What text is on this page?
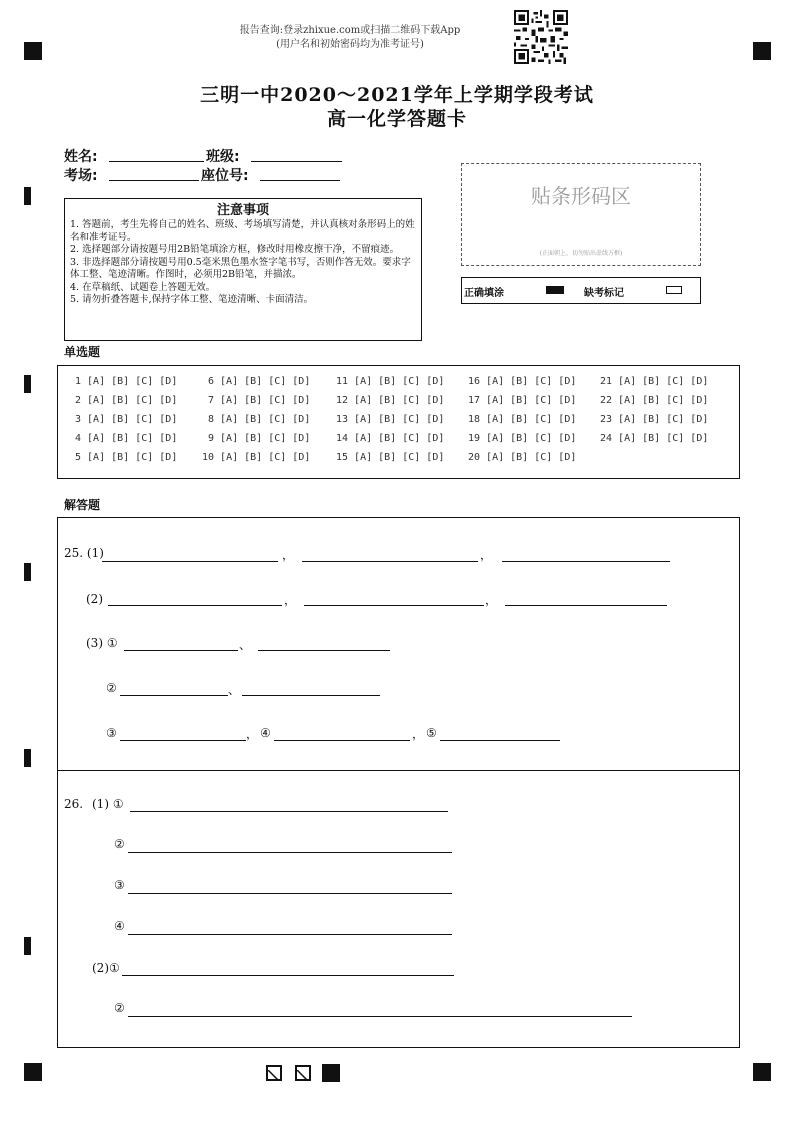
报告查询:登录zhixue.com或扫描二维码下载App
(用户名和初始密码均为准考证号)
三明一中2020～2021学年上学期学段考试
高一化学答题卡
姓名:	班级:
考场:	座位号:
贴条形码区
(正面朝上，切勿贴出虚线方框)
正确填涂	缺考标记
注意事项
1. 答题前，考生先将自己的姓名、班级、考场填写清楚，并认真核对条形码上的姓名和准考证号。
2. 选择题部分请按题号用2B铅笔填涂方框，修改时用橡皮擦干净，不留痕迹。
3. 非选择题部分请按题号用0.5毫米黑色墨水签字笔书写，否则作答无效。要求字体工整、笔迹清晰。作图时，必须用2B铅笔，并描浓。
4. 在草稿纸、试题卷上答题无效。
5. 请勿折叠答题卡,保持字体工整、笔迹清晰、卡面清洁。
单选题
1 [A] [B] [C] [D]
2 [A] [B] [C] [D]
3 [A] [B] [C] [D]
4 [A] [B] [C] [D]
5 [A] [B] [C] [D]
6 [A] [B] [C] [D]
7 [A] [B] [C] [D]
8 [A] [B] [C] [D]
9 [A] [B] [C] [D]
10 [A] [B] [C] [D]
11 [A] [B] [C] [D]
12 [A] [B] [C] [D]
13 [A] [B] [C] [D]
14 [A] [B] [C] [D]
15 [A] [B] [C] [D]
16 [A] [B] [C] [D]
17 [A] [B] [C] [D]
18 [A] [B] [C] [D]
19 [A] [B] [C] [D]
20 [A] [B] [C] [D]
21 [A] [B] [C] [D]
22 [A] [B] [C] [D]
23 [A] [B] [C] [D]
24 [A] [B] [C] [D]
解答题
25. (1)	，	，
(2)	，	，
(3) ①	、
②	、
③	， ④	， ⑤
26. (1) ①
②
③
④
(2)①
②
